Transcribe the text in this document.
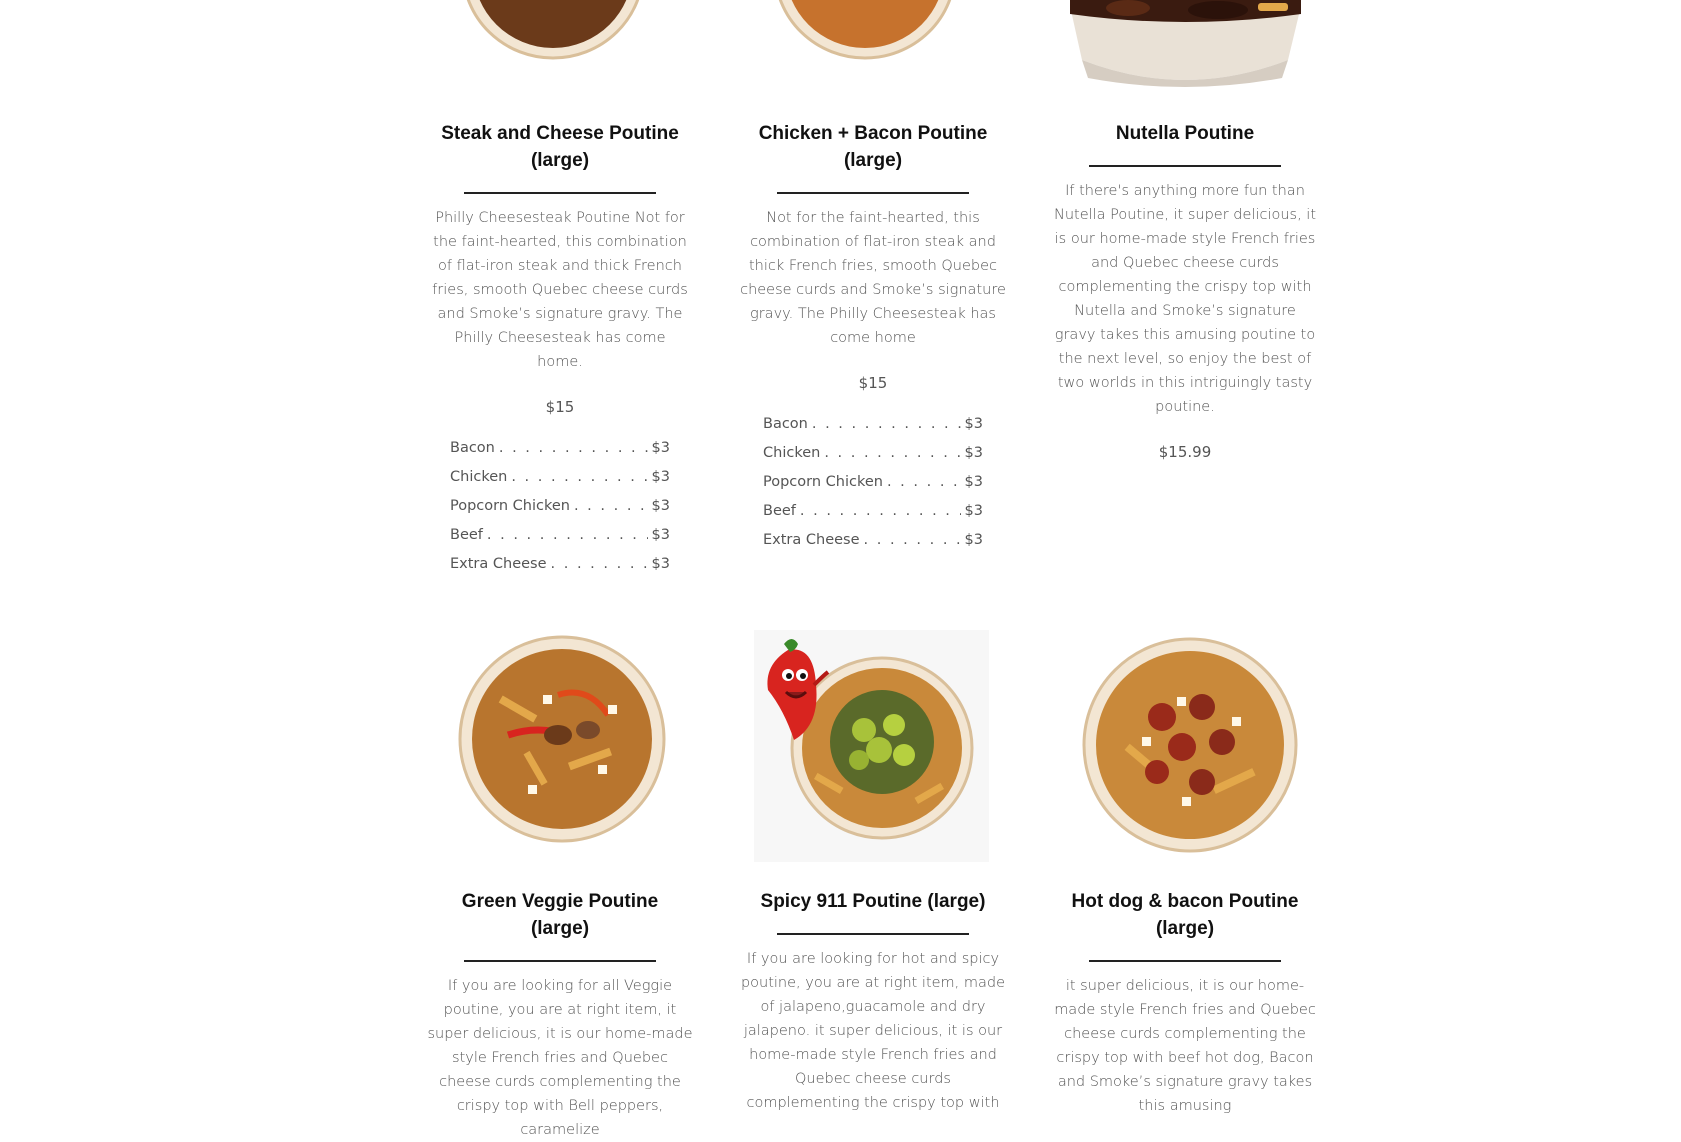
Steak and Cheese Poutine (large)

Philly Cheesesteak Poutine Not for the faint-hearted, this combination of flat-iron steak and thick French fries, smooth Quebec cheese curds and Smoke’s signature gravy. The Philly Cheesesteak has come home.

$15

Bacon . . .	$3
Chicken . . .	$3
Popcorn Chicken . . .	$3
Beef . . .	$3
Extra Cheese . . .	$3
Chicken + Bacon Poutine (large)

Not for the faint-hearted, this combination of flat-iron steak and thick French fries, smooth Quebec cheese curds and Smoke’s signature gravy. The Philly Cheesesteak has come home

$15

Bacon . . .	$3
Chicken . . .	$3
Popcorn Chicken . . .	$3
Beef . . .	$3
Extra Cheese . . .	$3
Nutella Poutine

If there's anything more fun than Nutella Poutine, it super delicious, it is our home-made style French fries and Quebec cheese curds complementing the crispy top with Nutella and Smoke’s signature gravy takes this amusing poutine to the next level, so enjoy the best of two worlds in this intriguingly tasty poutine.

$15.99

Green Veggie Poutine (large)

If you are looking for all Veggie poutine, you are at right item, it super delicious, it is our home-made style French fries and Quebec cheese curds complementing the crispy top with Bell peppers, caramelize

Spicy 911 Poutine (large)

If you are looking for hot and spicy poutine, you are at right item, made of jalapeno,guacamole and dry jalapeno. it super delicious, it is our home-made style French fries and Quebec cheese curds complementing the crispy top with

Hot dog & bacon Poutine (large)

it super delicious, it is our home-made style French fries and Quebec cheese curds complementing the crispy top with beef hot dog, Bacon and Smoke’s signature gravy takes this amusing
